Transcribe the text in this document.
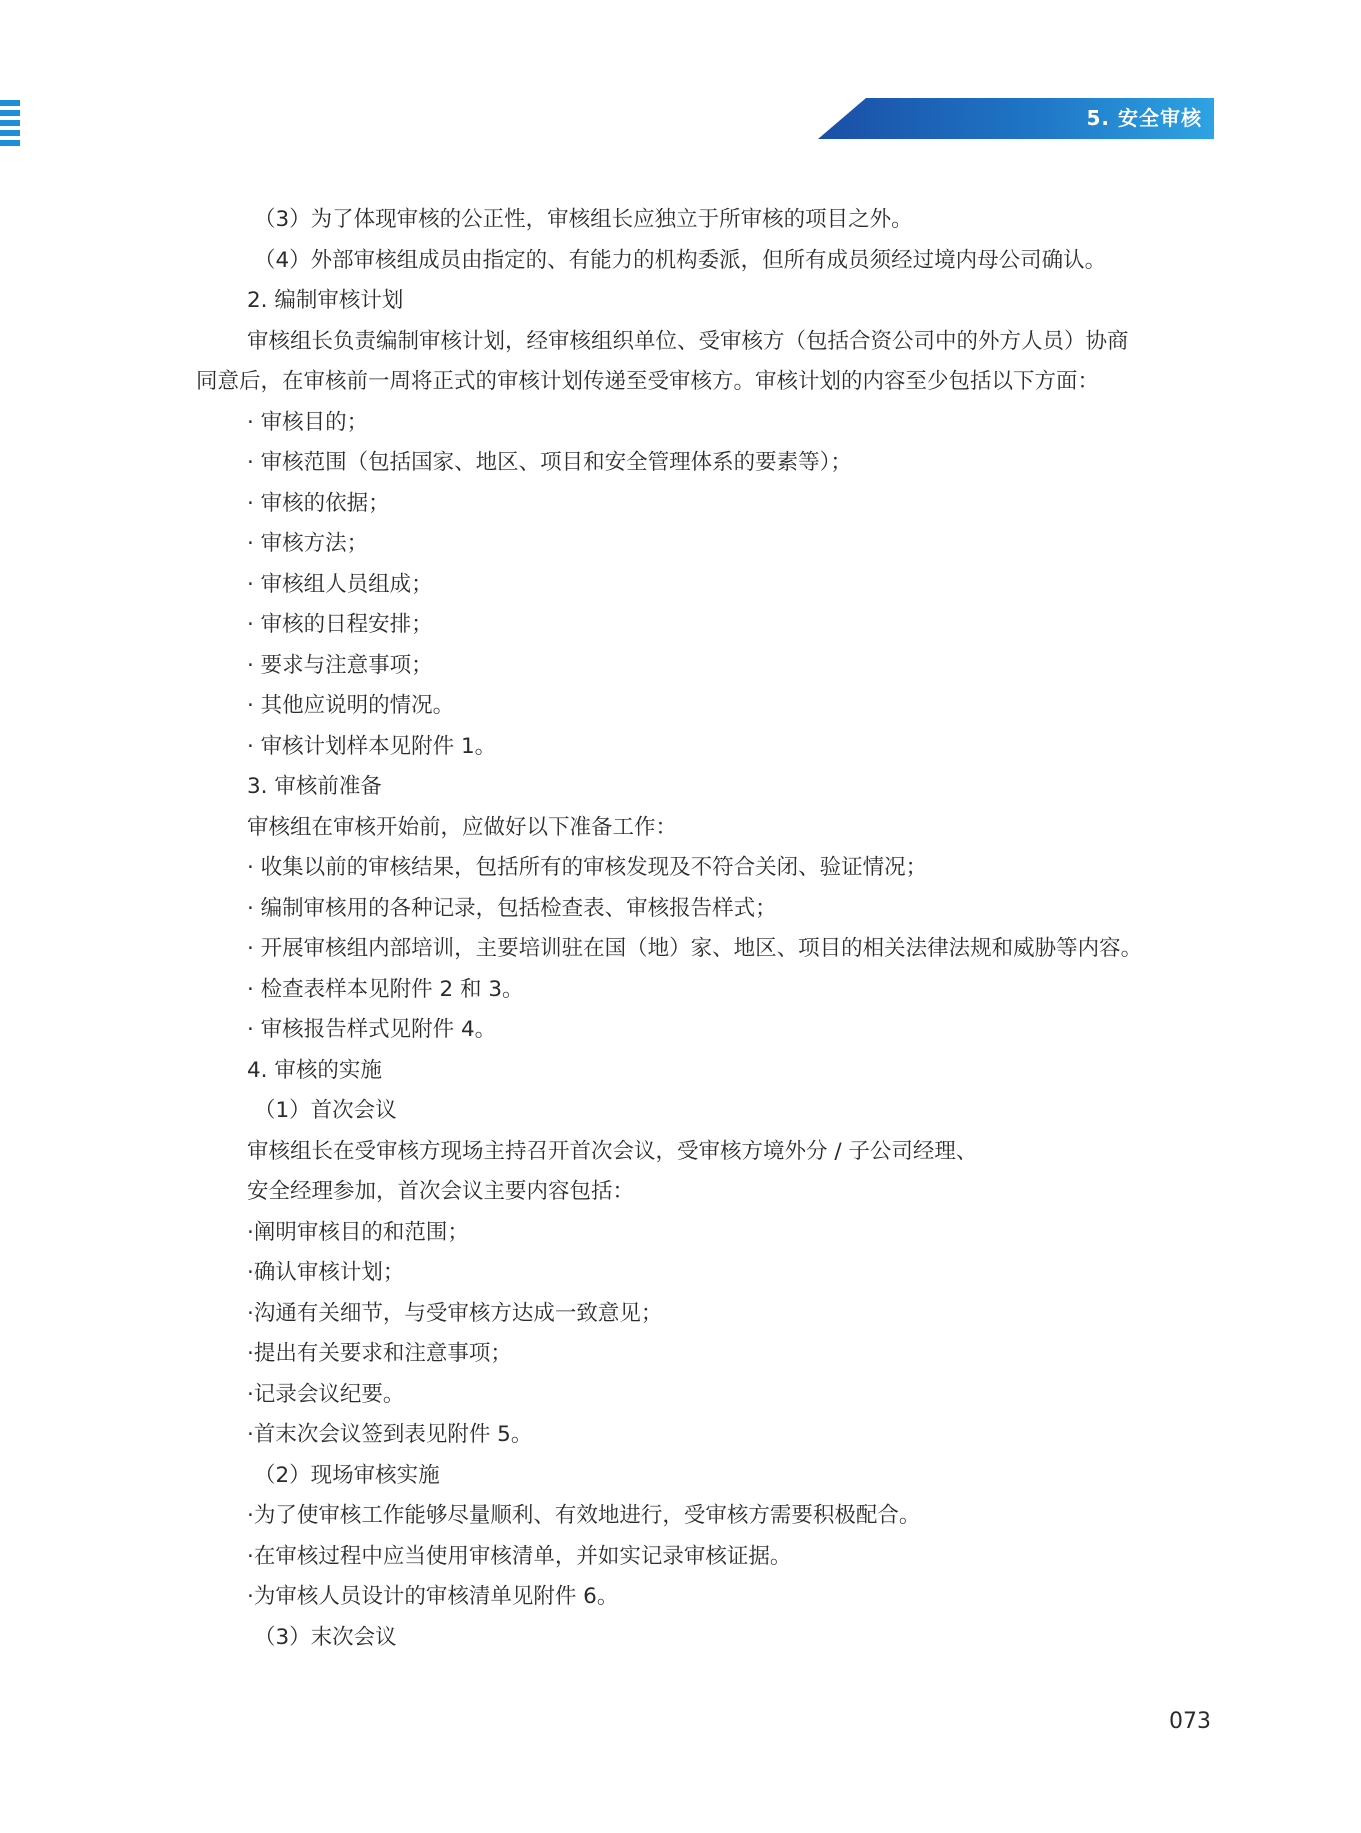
5. 安全审核
（3）为了体现审核的公正性，审核组长应独立于所审核的项目之外。
（4）外部审核组成员由指定的、有能力的机构委派，但所有成员须经过境内母公司确认。
2. 编制审核计划
审核组长负责编制审核计划，经审核组织单位、受审核方（包括合资公司中的外方人员）协商
同意后，在审核前一周将正式的审核计划传递至受审核方。审核计划的内容至少包括以下方面：
· 审核目的；
· 审核范围（包括国家、地区、项目和安全管理体系的要素等）；
· 审核的依据；
· 审核方法；
· 审核组人员组成；
· 审核的日程安排；
· 要求与注意事项；
· 其他应说明的情况。
· 审核计划样本见附件 1。
3. 审核前准备
审核组在审核开始前，应做好以下准备工作：
· 收集以前的审核结果，包括所有的审核发现及不符合关闭、验证情况；
· 编制审核用的各种记录，包括检查表、审核报告样式；
· 开展审核组内部培训，主要培训驻在国（地）家、地区、项目的相关法律法规和威胁等内容。
· 检查表样本见附件 2 和 3。
· 审核报告样式见附件 4。
4. 审核的实施
（1）首次会议
审核组长在受审核方现场主持召开首次会议，受审核方境外分 / 子公司经理、
安全经理参加，首次会议主要内容包括：
·阐明审核目的和范围；
·确认审核计划；
·沟通有关细节，与受审核方达成一致意见；
·提出有关要求和注意事项；
·记录会议纪要。
·首末次会议签到表见附件 5。
（2）现场审核实施
·为了使审核工作能够尽量顺利、有效地进行，受审核方需要积极配合。
·在审核过程中应当使用审核清单，并如实记录审核证据。
·为审核人员设计的审核清单见附件 6。
（3）末次会议
073
